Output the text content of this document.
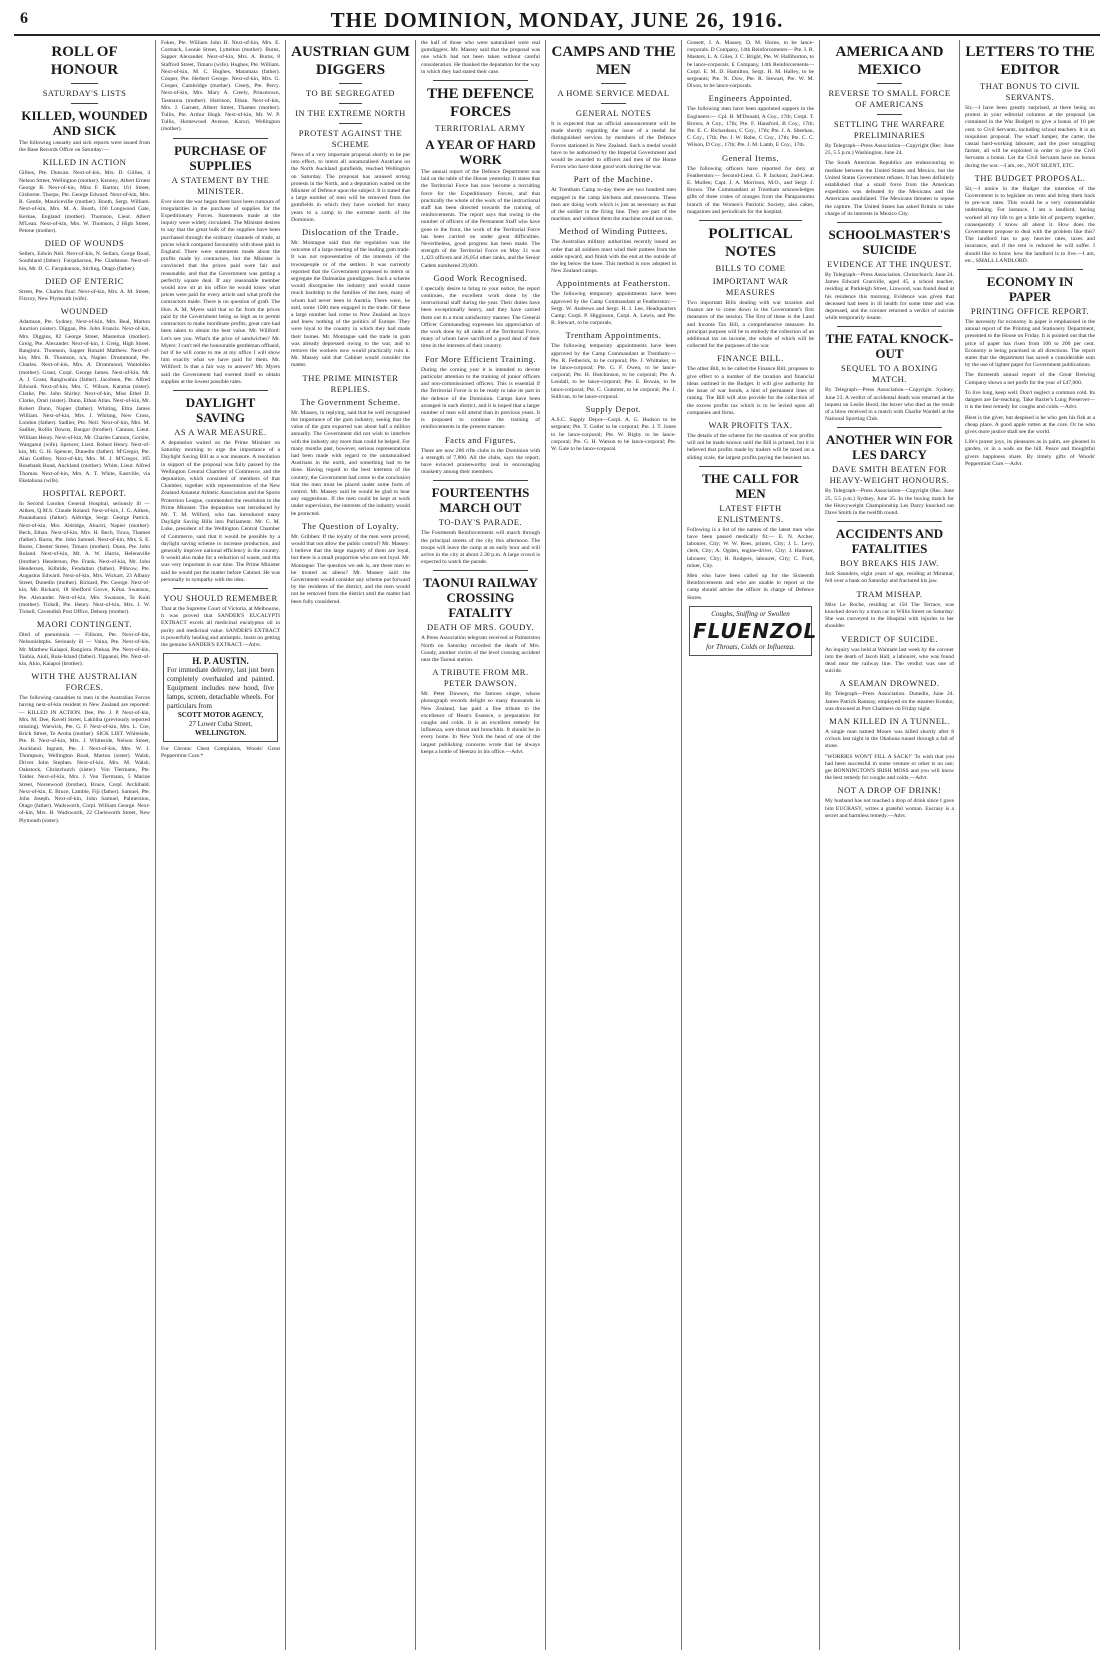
6	THE DOMINION, MONDAY, JUNE 26, 1916.
ROLL OF HONOUR
SATURDAY'S LISTS
KILLED, WOUNDED AND SICK

The following casualty and sick reports were issued from the Base Records Office on Saturday:—

KILLED IN ACTION

Gillies, Pte. Duncan. Next-of-kin, Mrs. D. Gillies, 4 Nelson Street, Wellington (mother). Kenney, Albert Ernest George B. Next-of-kin, Miss F. Barton, 161 Street, Gisborne. Thorpe, Pte. George Edward. Next-of-kin, Mrs. R. Gentle, Mauriceville (mother). Booth, Sergt. William. Next-of-kin, Mrs. M. A. Booth, 160 Longwood Gate, Kerkae, England (mother). Thomson, Lieut. Albert M'Lean. Next-of-kin, Mrs. W. Thomson, 2 High Street, Petone (mother).

DIED OF WOUNDS

Sellers, Edwin Neil. Next-of-kin, N. Sellars, Gorge Road, Southland (father). Farquharson, Pte. Gladstone. Next-of-kin, Mr. D. C. Farquharson, Stirling, Otago (father).

DIED OF ENTERIC

Street, Pte. Charles Paul. Next-of-kin, Mrs. A. M. Street, Fitzroy, New Plymouth (wife).

WOUNDED

Adamson, Pte. Sydney. Next-of-kin, Mrs. Beal, Marton Junction (sister). Diggan, Pte. John Francis. Next-of-kin, Mrs. Diggins, 82 George Street, Masterton (mother). Greig, Pte. Alexander. Next-of-kin, J. Greig, High Street, Rangiora. Thomson, Sapper Ronald Matthew. Next-of-kin, Mrs. R. Thomson, n/a, Napier. Drummond, Pte. Charles. Next-of-kin, Mrs. A. Drummond, Waitohiko (mother). Grant, Corpl. George James. Next-of-kin, Mr. A. J. Grant, Rangiwahia (father). Jacobsen, Pte. Alfred Edward. Next-of-kin, Mrs. C. Wilson, Karatua (sister). Clarke, Pte. John Shirley. Next-of-kin, Miss Ethel D. Clarke, Orari (sister). Dunn, Ethan Allan. Next-of-kin, Mr. Robert Dunn, Napier (father). Whiting, Eltra James William. Next-of-kin, Mrs. J. Whiting, New Cross, London (father). Sadlier, Pte. Neil. Next-of-kin, Mrs. M. Sadlier, Rollin Downs, Bangor (brother). Cannon, Lieut. William Henry. Next-of-kin, Mr. Charles Cannon, Gorsite, Wanganui (wife). Spencer, Lieut. Robert Henry. Next-of-kin, Mr. G. H. Spencer, Dunedin (father). M'Gregor, Pte. Alan Godfrey. Next-of-kin, Mrs. M. J. M'Gregor, 105 Rosebank Road, Auckland (mother). White, Lieut. Alfred Thomas. Next-of-kin, Mrs. A. T. White, Eastville, via Eketahuna (wife).

HOSPITAL REPORT.

In Second London General Hospital, seriously ill — Aitken, Q.M.S. Claude Roland. Next-of-kin, J. G. Aitken, Pauatahanui (father). Aldridge, Sergt. George Patrick. Next-of-kin, Mrs. Aldridge, Ahuriri, Napier (mother). Bech, Ethan. Next-of-kin, Mrs. H. Bech, Tuwa, Thames (father). Burns, Pte. John Samuel. Next-of-kin, Mrs. S. E. Burns, Chester Street, Timaru (mother). Dunn, Pte. John Roland. Next-of-kin, Mr. A. W. Harris, Helensville (brother). Henderson, Pte. Frank. Next-of-kin, Mr. John Henderson, Kilbride, Fendalton (father). Pilbrow, Pte. Augustus Edward. Next-of-kin, Mrs. Wickart, 23 Albany Street, Dunedin (mother). Rickard, Pte. George. Next-of-kin, Mr. Rickard, 18 Shefford Grove, Kiltai. Swanson, Pte. Alexander. Next-of-kin, Mrs. Swanson, Te Kuiti (mother). Tickell, Pte. Henry. Next-of-kin, Mrs. J. W. Tickell, Cavendish Post Office, Deborp (mother).

MAORI CONTINGENT.

Died of pneumonia — Fillsom, Pte. Next-of-kin, Nelsonishtphs. Seriously ill — Vaina, Pte. Next-of-kin, Mr. Matthew Kaiapoi, Rangiora. Pinkaa, Pte. Next-of-kin, Tauhia, Aiuli, Ruia-Island (father). Tippanui, Pte. Next-of-kin, Ahio, Kaiapoi (brother).

WITH THE AUSTRALIAN FORCES.

The following casualties to men in the Australian Forces having next-of-kin resident in New Zealand are reported:— KILLED IN ACTION. Dee, Pte. J. P. Next-of-kin, Mrs. M. Dee, Ravell Street, Lakhiba (previously reported missing). Warwick, Pte. G. F. Next-of-kin, Mrs. L. Coe, Brick Street, Te Aroha (mother). SICK LIST. Whiteside, Pte. R. Next-of-kin, Mrs. J. Whiteside, Nelson Street, Auckland. Ingram, Pte. J. Next-of-kin, Mrs. W. J. Thompson, Wellington Road, Marton (sister). Walsh, Driver John Stephen. Next-of-kin, Mrs. M. Walsh, Oakstock, Christchurch (sister). Von Tiermann, Pte. Tolder. Next-of-kin, Mrs. J. Von Tiermann, 5 Marine Street, Norsewood (brother). Bruce, Corpl. Archibald. Next-of-kin, E. Bruce, Lamble, Fiji (father). Samuel, Pte. John Joseph. Next-of-kin, John Samuel, Palmerston, Otago (father). Wadsworth, Corpl. William George. Next-of-kin, Mrs. H. Wadsworth, 22 Chelsworth Street, New Plymouth (sister).

Fokes, Pte. William John H. Next-of-kin, Mrs. E. Cormack, Leonie Street, Lyttelton (mother). Burns, Sapper Alexander. Next-of-kin, Mrs. A. Burns, 8 Stafford Street, Timaru (wife). Hughes, Pte. William. Next-of-kin, M. C. Hughes, Matamata (father). Cooper, Pte. Herbert George. Next-of-kin, Mrs. G. Cooper, Cambridge (mother). Creely, Pte. Percy. Next-of-kin, Mrs. Mary A. Creely, Princetown, Tasmania (mother). Harrison, Ethan. Next-of-kin, Mrs. J. Garnett, Albert Street, Thames (mother). Tullis, Pte. Arthur Hugh. Next-of-kin, Mr. W. P. Tullis, Homewood Avenue, Karori, Wellington (mother).

PURCHASE OF SUPPLIES
A STATEMENT BY THE MINISTER.

Ever since the war began there have been rumours of irregularities in the purchase of supplies for the Expeditionary Forces. Statements made at the inquiry were widely circulated. The Minister desires to say that the great bulk of the supplies have been purchased through the ordinary channels of trade, at prices which compared favourably with those paid in England. There were statements made about the profits made by contractors, but the Minister is convinced that the prices paid were fair and reasonable, and that the Government was getting a perfectly square deal. If any reasonable member would now sit at his office he would know what prices were paid for every article and what profit the contractors made. There is no question of graft. The Hon. A. M. Myers said that so far from the prices paid by the Government being so high as to permit contractors to make inordinate profits, great care had been taken to obtain the best value. Mr. Willford: Let's see you. What's the price of sandwiches? Mr. Myers: I can't tell the honourable gentleman offhand, but if he will come to me at my office I will show him exactly what we have paid for them. Mr. Willford: Is that a fair way to answer? Mr. Myers said the Government had exerted itself to obtain supplies at the lowest possible rates.

DAYLIGHT SAVING
AS A WAR MEASURE.

A deputation waited on the Prime Minister on Saturday morning to urge the importance of a Daylight Saving Bill as a war measure. A resolution in support of the proposal was fully passed by the Wellington Central Chamber of Commerce, and the deputation, which consisted of members of that Chamber, together with representatives of the New Zealand Amateur Athletic Association and the Sports Protection League, commended the resolution to the Prime Minister. The deputation was introduced by Mr. T. M. Wilford, who has introduced many Daylight Saving Bills into Parliament. Mr. C. M. Luke, president of the Wellington Central Chamber of Commerce, said that it would be possible by a daylight saving scheme to increase production, and generally improve national efficiency in the country. It would also make for a reduction of waste, and this was very important in war time. The Prime Minister said he would put the matter before Cabinet. He was personally in sympathy with the idea.

YOU SHOULD REMEMBER

That at the Supreme Court of Victoria, at Melbourne, it was proved that SANDER'S EUCALYPTI EXTRACT excels all medicinal eucalyptus oil in purity and medicinal value. SANDER'S EXTRACT is powerfully healing and antiseptic. Insist on getting the genuine SANDER'S EXTRACT.—Advt.

H. P. AUSTIN.
For immediate delivery, last just been completely overhauled and painted. Equipment includes new hood, five lamps, screen, detachable wheels. For particulars from
SCOTT MOTOR AGENCY,
27 Lower Cuba Street,
WELLINGTON.

For Chronic Chest Complaints, Woods' Great Peppermint Cure.*

AUSTRIAN GUM DIGGERS
TO BE SEGREGATED
IN THE EXTREME NORTH
PROTEST AGAINST THE SCHEME

News of a very important proposal shortly to be put into effect, to intern all unnaturalised Austrians on the North Auckland gumfields, reached Wellington on Saturday. The proposal has aroused strong protests in the North, and a deputation waited on the Minister of Defence upon the subject. It is stated that a large number of men will be removed from the gumfields in which they have worked for many years to a camp in the extreme north of the Dominion.

Dislocation of the Trade.

Mr. Montague said that the regulation was the outcome of a large meeting of the leading gum trade. It was not representative of the interests of the townspeople or of the settlers. It was currently reported that the Government proposed to intern or segregate the Dalmatian gumdiggers. Such a scheme would disorganise the industry and would cause much hardship to the families of the men, many of whom had never been in Austria. There were, he said, some 1500 men engaged in the trade. Of these a large number had come to New Zealand as boys and knew nothing of the politics of Europe. They were loyal to the country in which they had made their homes. Mr. Montague said the trade in gum was already depressed owing to the war, and to remove the workers now would practically ruin it. Mr. Massey said that Cabinet would consider the matter.

THE PRIME MINISTER REPLIES.
The Government Scheme.

Mr. Massey, in replying, said that he well recognised the importance of the gum industry, seeing that the value of the gum exported was about half a million annually. The Government did not wish to interfere with the industry any more than could be helped. For many months past, however, serious representations had been made with regard to the unnaturalised Austrians in the north, and something had to be done. Having regard to the best interests of the country, the Government had come to the conclusion that the men must be placed under some form of control. Mr. Massey said he would be glad to hear any suggestions. If the men could be kept at work under supervision, the interests of the industry would be protected.

The Question of Loyalty.

Mr. Gribben: If the loyalty of the men were proved, would that not allow the public control? Mr. Massey: I believe that the large majority of them are loyal, but there is a small proportion who are not loyal. Mr. Montague: The question we ask is, are these men to be treated as aliens? Mr. Massey said the Government would consider any scheme put forward by the residents of the district, and the men would not be removed from the district until the matter had been fully considered.

the half of those who were naturalised were real gumdiggers. Mr. Massey said that the proposal was one which had not been taken without careful consideration. He thanked the deputation for the way in which they had stated their case.

THE DEFENCE FORCES
TERRITORIAL ARMY
A YEAR OF HARD WORK

The annual report of the Defence Department was laid on the table of the House yesterday. It states that the Territorial Force has now become a recruiting force for the Expeditionary Forces, and that practically the whole of the work of the instructional staff has been directed towards the training of reinforcements. The report says that owing to the number of officers of the Permanent Staff who have gone to the front, the work of the Territorial Force has been carried on under great difficulties. Nevertheless, good progress has been made. The strength of the Territorial Force on May 31 was 1,423 officers and 26,054 other ranks, and the Senior Cadets numbered 29,000.

Good Work Recognised.

I specially desire to bring to your notice, the report continues, the excellent work done by the instructional staff during the year. Their duties have been exceptionally heavy, and they have carried them out in a most satisfactory manner. The General Officer Commanding expresses his appreciation of the work done by all ranks of the Territorial Force, many of whom have sacrificed a good deal of their time in the interests of their country.

For More Efficient Training.

During the coming year it is intended to devote particular attention to the training of junior officers and non-commissioned officers. This is essential if the Territorial Force is to be ready to take its part in the defence of the Dominion. Camps have been arranged in each district, and it is hoped that a larger number of men will attend than in previous years. It is proposed to continue the training of reinforcements in the present manner.

Facts and Figures.

There are now 286 rifle clubs in the Dominion with a strength of 7,800. All the clubs, says the report, have evinced praiseworthy zeal in encouraging musketry among their members.

FOURTEENTHS MARCH OUT
TO-DAY'S PARADE.

The Fourteenth Reinforcements will march through the principal streets of the city this afternoon. The troops will leave the camp at an early hour and will arrive in the city at about 2.30 p.m. A large crowd is expected to watch the parade.

TAONUI RAILWAY CROSSING FATALITY
DEATH OF MRS. GOUDY.

A Press Association telegram received at Palmerston North on Saturday recorded the death of Mrs. Goudy, another victim of the level crossing accident near the Taonui station.

A TRIBUTE FROM MR. PETER DAWSON.

Mr. Peter Dawson, the famous singer, whose phonograph records delight so many thousands in New Zealand, has paid a fine tribute to the excellence of Hean's Essence, a preparation for coughs and colds. It is an excellent remedy for influenza, sore throat and bronchitis. It should be in every home. In New York the head of one of the largest publishing concerns wrote that he always keeps a bottle of Heenzo in his office.—Advt.

CAMPS AND THE MEN
A HOME SERVICE MEDAL
GENERAL NOTES

It is expected that an official announcement will be made shortly regarding the issue of a medal for distinguished services by members of the Defence Forces stationed in New Zealand. Such a medal would have to be authorised by the Imperial Government and would be awarded to officers and men of the Home Forces who have done good work during the war.

Part of the Machine.

At Trentham Camp to-day there are two hundred men engaged in the camp kitchens and messrooms. These men are doing work which is just as necessary as that of the soldier in the firing line. They are part of the machine, and without them the machine could not run.

Method of Winding Puttees.

The Australian military authorities recently issued an order that all soldiers must wind their puttees from the ankle upward, and finish with the end at the outside of the leg below the knee. This method is now adopted in New Zealand camps.

Appointments at Featherston.

The following temporary appointments have been approved by the Camp Commandant at Featherston:— Sergt. W. Andrews and Sergt. H. J. Lee, Headquarters Camp; Corpl. P. Higginson, Corpl. A. Lewis, and Pte. R. Stewart, to be corporals.

Trentham Appointments.

The following temporary appointments have been approved by the Camp Commandant at Trentham:— Pte. R. Fetherick, to be corporal; Pte. J. Whittaker, to be lance-corporal; Pte. G. F. Owen, to be lance-corporal; Pte. H. Hutchinson, to be corporal; Pte. A. Lendall, to be lance-corporal; Pte. E. Bowan, to be lance-corporal; Pte. C. Gummer, to be corporal; Pte. J. Sullivan, to be lance-corporal.

Supply Depot.

A.S.C. Supply Depot—Corpl. A. G. Hudson to be sergeant; Pte. T. Gutler to be corporal; Pte. J. T. Jones to be lance-corporal; Pte. W. Rigby to be lance-corporal; Pte. G. H. Watson to be lance-corporal; Pte. W. Gale to be lance-corporal.

Gossett, J. A. Massey, D. M. Horne, to be lance-corporals. D Company, 14th Reinforcements— Pte. I. R. Masters, L. A. Giles, J. C. Bright, Pte. W. Halliburton, to be lance-corporals. E Company, 14th Reinforcements— Corpl. E. M. D. Hamilton, Sergt. H. M. Halley, to be sergeants; Pte. N. Dow, Pte. R. Stewart, Pte. W. M. Dixon, to be lance-corporals.

Engineers Appointed.

The following men have been appointed sappers in the Engineers:— Cpl. H. M'Donald, A Coy., 17th; Corpl. T. Brown, A Coy., 17th; Pte. F. Hansford, B Coy., 17th; Pte. E. C. Richardson, C Coy., 17th; Pte. J. A. Sheehan, C Coy., 17th; Pte. J. W. Robe, C Coy., 17th; Pte. C. C. Wilson, D Coy., 17th; Pte. J. M. Lamb, E Coy., 17th.

General Items.

The following officers have reported for duty at Featherston:— Second-Lieut. G. P. Jackson; 2nd-Lieut. E. Mullen; Capt. J. A. Morrison, M.O., and Sergt. J. Brown. The Commandant at Trentham acknowledges gifts of three crates of oranges from the Paraparaumu branch of the Women's Patriotic Society, also cakes, magazines and periodicals for the hospital.

POLITICAL NOTES
BILLS TO COME
IMPORTANT WAR MEASURES

Two important Bills dealing with war taxation and finance are to come down in the Government's first measures of the session. The first of these is the Land and Income Tax Bill, a comprehensive measure. Its principal purpose will be to embody the collection of an additional tax on income, the whole of which will be collected for the purposes of the war.

FINANCE BILL.

The other Bill, to be called the Finance Bill, proposes to give effect to a number of the taxation and financial ideas outlined in the Budget. It will give authority for the issue of war bonds, a hint of permanent lines of raising. The Bill will also provide for the collection of the excess profits tax which is to be levied upon all companies and firms.

WAR PROFITS TAX.

The details of the scheme for the taxation of war profits will not be made known until the Bill is printed, but it is believed that profits made by traders will be taxed on a sliding scale, the largest profits paying the heaviest tax.

THE CALL FOR MEN
LATEST FIFTH ENLISTMENTS.

Following is a list of the names of the latest men who have been passed medically fit:— E. N. Archer, labourer, City; W. W. Rees, printer, City; J. L. Levy, clerk, City; A. Ogden, engine-driver, City; J. Hanmer, labourer, City; H. Rodgers, labourer, City; C. Ford, miner, City.

Men who have been called up for the Sixteenth Reinforcements and who are unable to report at the camp should advise the officer in charge of Defence Stores.

Coughs, Sniffing or Swollen
FLUENZOL
for Throats, Colds or Influenza.
AMERICA AND MEXICO
REVERSE TO SMALL FORCE OF AMERICANS
SETTLING THE WARFARE PRELIMINARIES

By Telegraph—Press Association—Copyright (Rec. June 25, 5.5 p.m.) Washington, June 24.

The South American Republics are endeavouring to mediate between the United States and Mexico, but the United States Government refuses. It has been definitely established that a small force from the American expedition was defeated by the Mexicans and the Americans annihilated. The Mexicans threaten to repeat the capture. The United States has asked Britain to take charge of its interests in Mexico City.

SCHOOLMASTER'S SUICIDE
EVIDENCE AT THE INQUEST.

By Telegraph—Press Association. Christchurch, June 24. James Edward Granville, aged 45, a school teacher, residing at Parkleigh Street, Linwood, was found dead at his residence this morning. Evidence was given that deceased had been in ill health for some time and was depressed, and the coroner returned a verdict of suicide while temporarily insane.

THE FATAL KNOCK-OUT
SEQUEL TO A BOXING MATCH.

By Telegraph—Press Association—Copyright. Sydney, June 23. A verdict of accidental death was returned at the inquest on Leslie Hood, the boxer who died as the result of a blow received in a match with Charlie Wardell at the National Sporting Club.

ANOTHER WIN FOR LES DARCY
DAVE SMITH BEATEN FOR HEAVY-WEIGHT HONOURS.

By Telegraph—Press Association—Copyright (Rec. June 25, 5.5 p.m.) Sydney, June 25. In the boxing match for the Heavyweight Championship Les Darcy knocked out Dave Smith in the twelfth round.

ACCIDENTS AND FATALITIES
BOY BREAKS HIS JAW.

Jack Saunders, eight years of age, residing at Miramar, fell over a bank on Saturday and fractured his jaw.

TRAM MISHAP.

Miss Le Roche, residing at 150 The Terrace, was knocked down by a tram car in Willis Street on Saturday. She was conveyed to the Hospital with injuries to her shoulder.

VERDICT OF SUICIDE.

An inquiry was held at Waimate last week by the coroner into the death of Jacob Hall, a labourer, who was found dead near the railway line. The verdict was one of suicide.

A SEAMAN DROWNED.

By Telegraph—Press Association. Dunedin, June 24. James Patrick Ramsay, employed on the steamer Kotuku, was drowned at Port Chalmers on Friday night.

MAN KILLED IN A TUNNEL.

A single man named Moore was killed shortly after 8 o'clock last night in the Okahuna tunnel through a fall of stone.

"WORRIES WON'T FILL A SACK!" To wish that you had been successful in some venture or other is no use; get BONNINGTON'S IRISH MOSS and you will know the best remedy for coughs and colds.—Advt.

NOT A DROP OF DRINK!

My husband has not touched a drop of drink since I gave him EUCRASY, writes a grateful woman. Eucrasy is a secret and harmless remedy.—Advt.

LETTERS TO THE EDITOR
THAT BONUS TO CIVIL SERVANTS.

Sir,—I have been greatly surprised, at there being no protest in your editorial columns at the proposal (as contained in the War Budget) to give a bonus of 10 per cent. to Civil Servants, including school teachers. It is an iniquitous proposal. The wharf lumper, the carter, the casual hard-working labourer, and the poor struggling farmer, all will be exploited in order to give the Civil Servants a bonus. Let the Civil Servants have no bonus during the war.—I am, etc., NOT SILENT, ETC.

THE BUDGET PROPOSAL.

Sir,—I notice in the Budget the intention of the Government is to legislate on rents and bring them back to pre-war rates. This would be a very commendable undertaking. For instance, I am a landlord, having worked all my life to get a little bit of property together, consequently I know all about it. How does the Government propose to deal with the problem like this? The landlord has to pay heavier rates, taxes and insurance, and if the rent is reduced he will suffer. I should like to know how the landlord is to live.—I am, etc., SMALL LANDLORD.

ECONOMY IN PAPER
PRINTING OFFICE REPORT.

The necessity for economy in paper is emphasised in the annual report of the Printing and Stationery Department, presented to the House on Friday. It is pointed out that the price of paper has risen from 100 to 200 per cent. Economy is being practised in all directions. The report states that the department has saved a considerable sum by the use of lighter paper for Government publications.

The thirteenth annual report of the Great Brewing Company shows a net profit for the year of £47,000.

To live long, keep well. Don't neglect a common cold. Its dangers are far-reaching. Take Baxter's Lung Preserver—it is the best remedy for coughs and colds.—Advt.

Blest is the giver, but despised is he who gets his fish at a cheap place. A good apple rotten at the core. Or he who gives more justice shall see the world.

Life's purest joys, its pleasures as in palm, are gleaned in garden, or in a walk on the hill. Peace and thoughtful givers happiness share. By timely gifts of Woods' Peppermint Cure.—Advt.
